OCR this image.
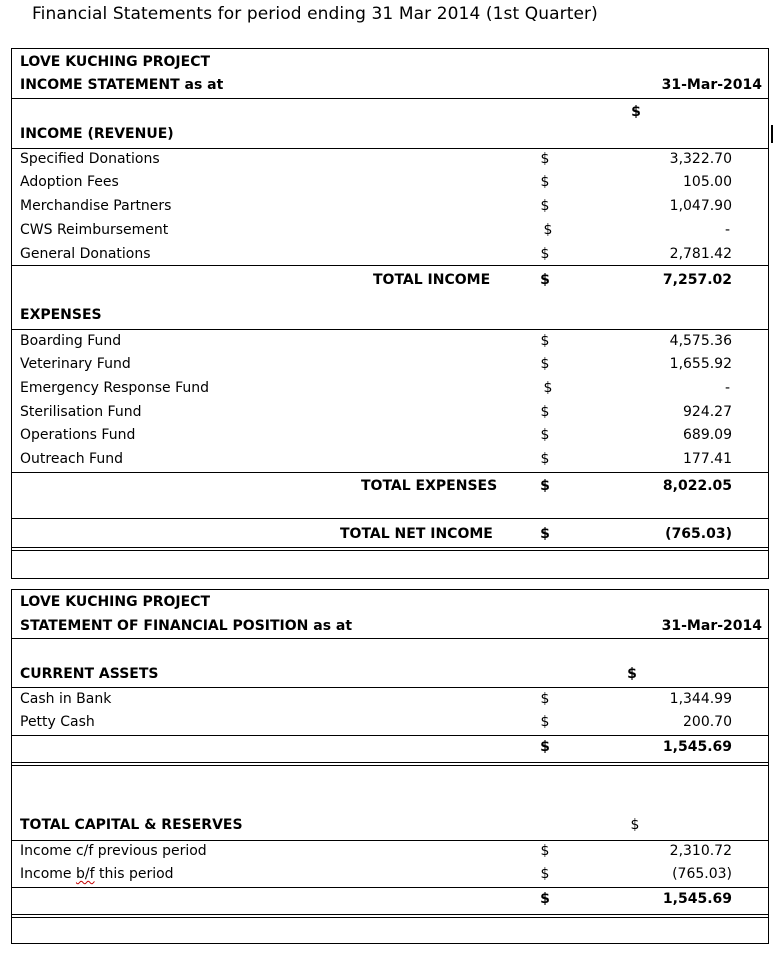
Financial Statements for period ending 31 Mar 2014 (1st Quarter)
LOVE KUCHING PROJECT
INCOME STATEMENT as at	31-Mar-2014
$
INCOME (REVENUE)
Specified Donations	$	3,322.70
Adoption Fees	$	105.00
Merchandise Partners	$	1,047.90
CWS Reimbursement	$	-
General Donations	$	2,781.42
TOTAL INCOME	$	7,257.02
EXPENSES
Boarding Fund	$	4,575.36
Veterinary Fund	$	1,655.92
Emergency Response Fund	$	-
Sterilisation Fund	$	924.27
Operations Fund	$	689.09
Outreach Fund	$	177.41
TOTAL EXPENSES	$	8,022.05
TOTAL NET INCOME	$	(765.03)
LOVE KUCHING PROJECT
STATEMENT OF FINANCIAL POSITION as at	31-Mar-2014
CURRENT ASSETS	$
Cash in Bank	$	1,344.99
Petty Cash	$	200.70
$	1,545.69
TOTAL CAPITAL & RESERVES	$
Income c/f previous period	$	2,310.72
Income b/f this period	$	(765.03)
$	1,545.69
